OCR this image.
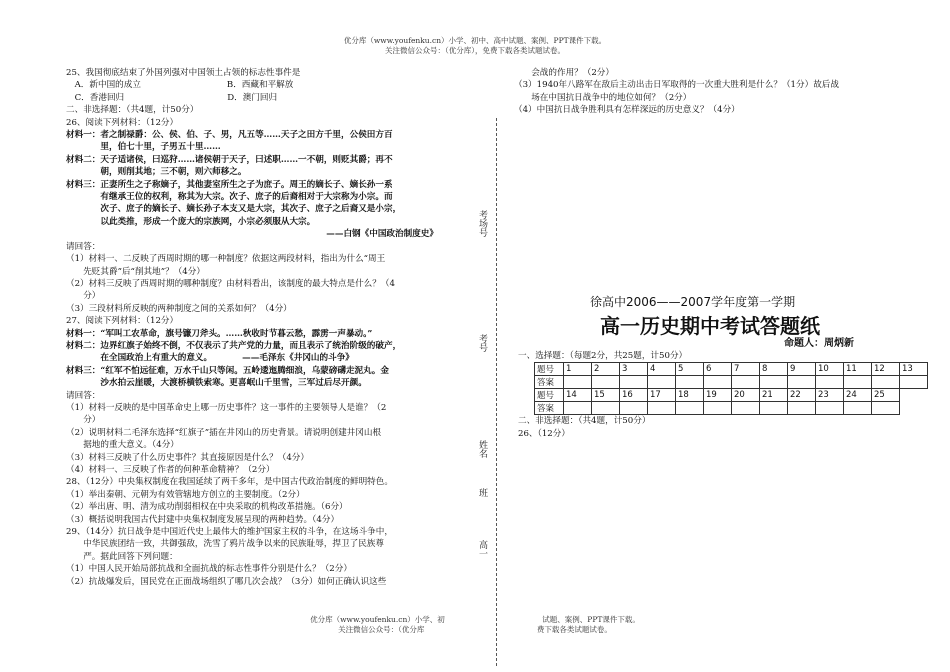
优分库（www.youfenku.cn）小学、初中、高中试题、案例、PPT课件下载。
关注微信公众号：（优分库），免费下载各类试题试卷。

25、我国彻底结束了外国列强对中国领土占领的标志性事件是

　A．新中国的成立　　　　　　　　　　B．西藏和平解放

　C．香港回归　　　　　　　　　　　　D．澳门回归

二、非选择题：（共4题，计50分）

26、阅读下列材料：（12分）

材料一：者之制禄爵：公、侯、伯、子、男，凡五等……天子之田方千里，公侯田方百

　　　　里，伯七十里，子男五十里……

材料二：天子适诸侯，曰巡狩……诸侯朝于天子，曰述职……一不朝，则贬其爵；再不

　　　　朝，则削其地；三不朝，则六师移之。

材料三：正妻所生之子称嫡子，其他妻室所生之子为庶子。周王的嫡长子、嫡长孙一系

　　　　有继承王位的权利，称其为大宗。次子、庶子的后裔相对于大宗称为小宗。而

　　　　次子、庶子的嫡长子、嫡长孙子本支又是大宗，其次子、庶子之后裔又是小宗，

　　　　以此类推，形成一个庞大的宗族网，小宗必须服从大宗。

——白钢《中国政治制度史》

请回答：

（1）材料一、二反映了西周时期的哪一种制度？依据这两段材料，指出为什么“周王

　　先贬其爵”后“削其地”？（4分）

（2）材料三反映了西周时期的哪种制度？由材料看出，该制度的最大特点是什么？（4

　　分）

（3）三段材料所反映的两种制度之间的关系如何？（4分）

27、阅读下列材料：（12分）

材料一：“军叫工农革命，旗号镰刀斧头。……秋收时节暮云愁，霹雳一声暴动。”

材料二：边界红旗子始终不倒，不仅表示了共产党的力量，而且表示了统治阶级的破产，

　　　　在全国政治上有重大的意义。　　　　——毛泽东《井冈山的斗争》

材料三：“红军不怕远征难，万水千山只等闲。五岭逶迤腾细浪，乌蒙磅礴走泥丸。金

　　　　沙水拍云崖暖，大渡桥横铁索寒。更喜岷山千里雪，三军过后尽开颜。

请回答：

（1）材料一反映的是中国革命史上哪一历史事件？这一事件的主要领导人是谁？（2

　　分）

（2）说明材料二毛泽东选择“红旗子”插在井冈山的历史背景。请说明创建井冈山根

　　据地的重大意义。（4分）

（3）材料三反映了什么历史事件？其直接原因是什么？（4分）

（4）材料一、三反映了作者的何种革命精神？（2分）

28、（12分）中央集权制度在我国延续了两千多年，是中国古代政治制度的鲜明特色。

（1）举出秦朝、元朝为有效管辖地方创立的主要制度。（2分）

（2）举出唐、明、清为成功削弱相权在中央采取的机构改革措施。（6分）

（3）概括说明我国古代封建中央集权制度发展呈现的两种趋势。（4分）

29、（14分）抗日战争是中国近代史上最伟大的维护国家主权的斗争，在这场斗争中，

　　中华民族团结一致，共御强敌，洗雪了鸦片战争以来的民族耻辱，捍卫了民族尊

　　严。据此回答下列问题：

（1）中国人民开始局部抗战和全面抗战的标志性事件分别是什么？（2分）

（2）抗战爆发后，国民党在正面战场组织了哪几次会战？（3分）如何正确认识这些

　　会战的作用？（2分）

（3）1940年八路军在敌后主动出击日军取得的一次重大胜利是什么？（1分）故后战

　　场在中国抗日战争中的地位如何？（2分）

（4）中国抗日战争胜利具有怎样深远的历史意义？（4分）

考场号
考号
姓名
班
高一
徐高中2006——2007学年度第一学期
高一历史期中考试答题纸
命题人：周炳新
一、选择题：（每题2分，共25题，计50分）
题号	1	2	3	4	5	6	7	8	9	10	11	12	13
答案													
题号	14	15	16	17	18	19	20	21	22	23	24	25	
答案													
二、非选择题：（共4题，计50分）
26、（12分）
优分库（www.youfenku.cn）小学、初　　　　　　　　　　　　　试题、案例、PPT课件下载。
关注微信公众号：（优分库　　　　　　　　　　　　　　　费下载各类试题试卷。
